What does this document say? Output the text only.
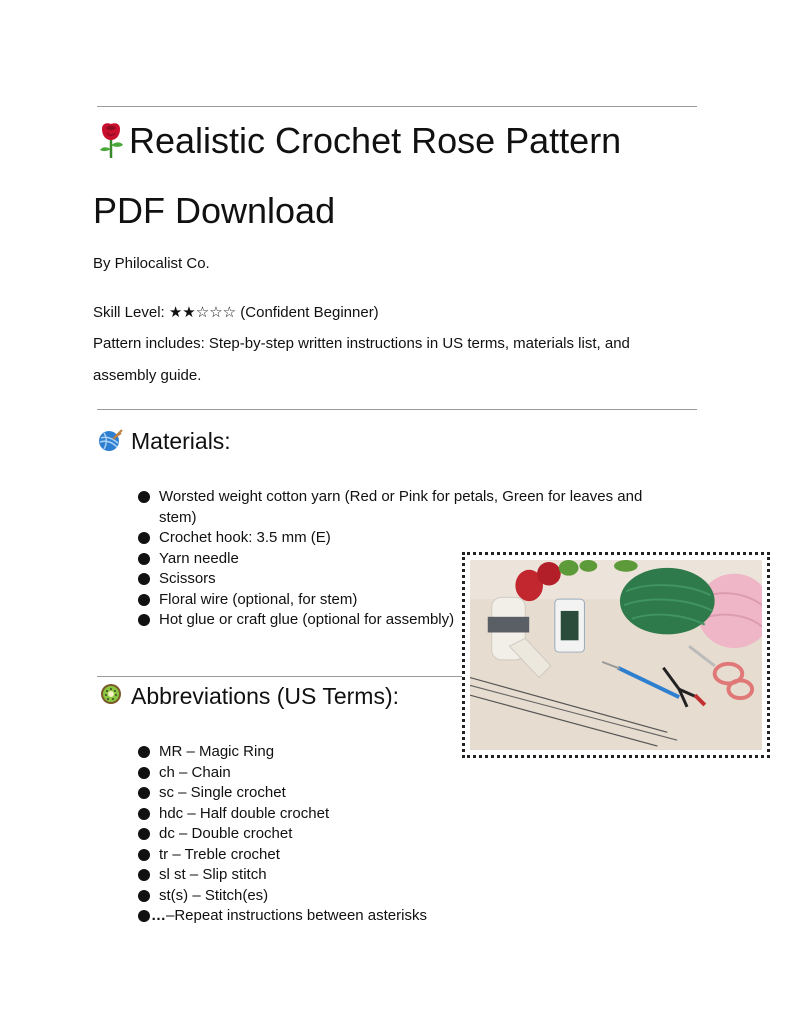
Realistic Crochet Rose Pattern
PDF Download
By Philocalist Co.
Skill Level: ★★☆☆☆ (Confident Beginner)
Pattern includes: Step-by-step written instructions in US terms, materials list, and
assembly guide.
Materials:
Worsted weight cotton yarn (Red or Pink for petals, Green for leaves and stem)
Crochet hook: 3.5 mm (E)
Yarn needle
Scissors
Floral wire (optional, for stem)
Hot glue or craft glue (optional for assembly)
Abbreviations (US Terms):
MR – Magic Ring
ch – Chain
sc – Single crochet
hdc – Half double crochet
dc – Double crochet
tr – Treble crochet
sl st – Slip stitch
st(s) – Stitch(es)
…–Repeat instructions between asterisks
